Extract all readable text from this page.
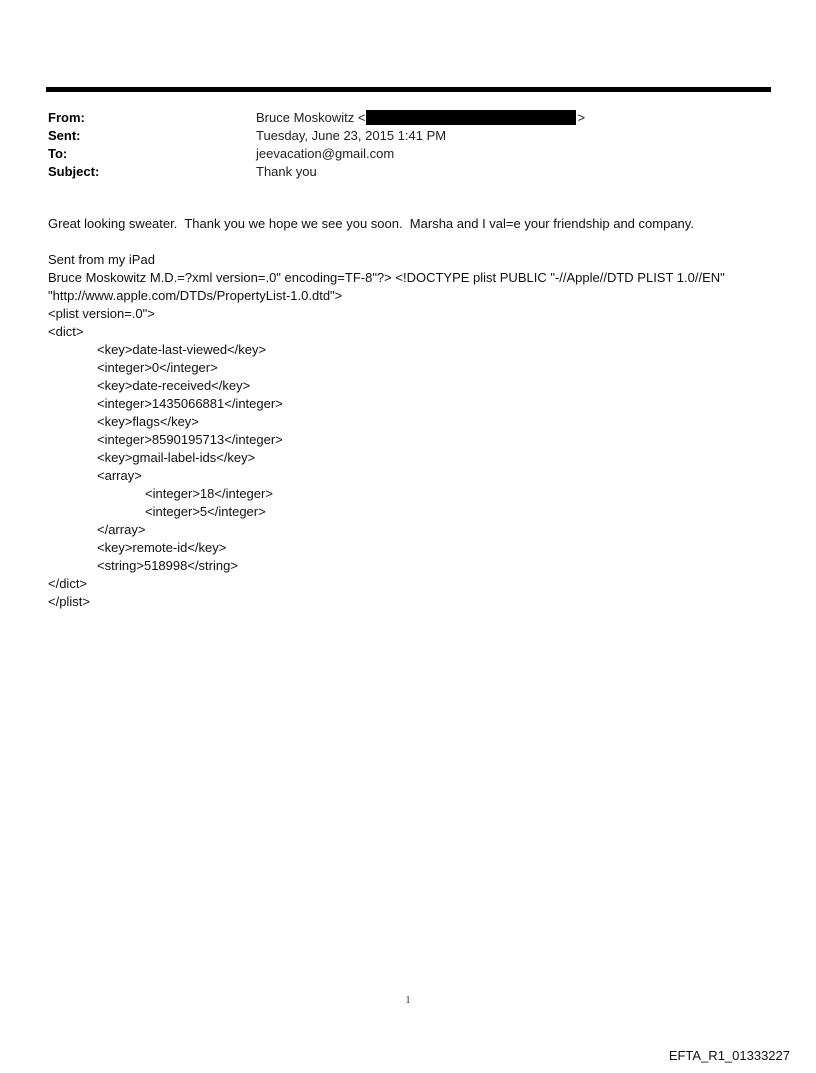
From:	Bruce Moskowitz <	>
Sent:	Tuesday, June 23, 2015 1:41 PM
To:	jeevacation@gmail.com
Subject:	Thank you
Great looking sweater.  Thank you we hope we see you soon.  Marsha and I val=e your friendship and company.
Sent from my iPad
Bruce Moskowitz M.D.=?xml version=.0" encoding=TF-8"?> <!DOCTYPE plist PUBLIC "-//Apple//DTD PLIST 1.0//EN"
"http://www.apple.com/DTDs/PropertyList-1.0.dtd">
<plist version=.0">
<dict>
<key>date-last-viewed</key>
<integer>0</integer>
<key>date-received</key>
<integer>1435066881</integer>
<key>flags</key>
<integer>8590195713</integer>
<key>gmail-label-ids</key>
<array>
<integer>18</integer>
<integer>5</integer>
</array>
<key>remote-id</key>
<string>518998</string>
</dict>
</plist>
1
EFTA_R1_01333227
